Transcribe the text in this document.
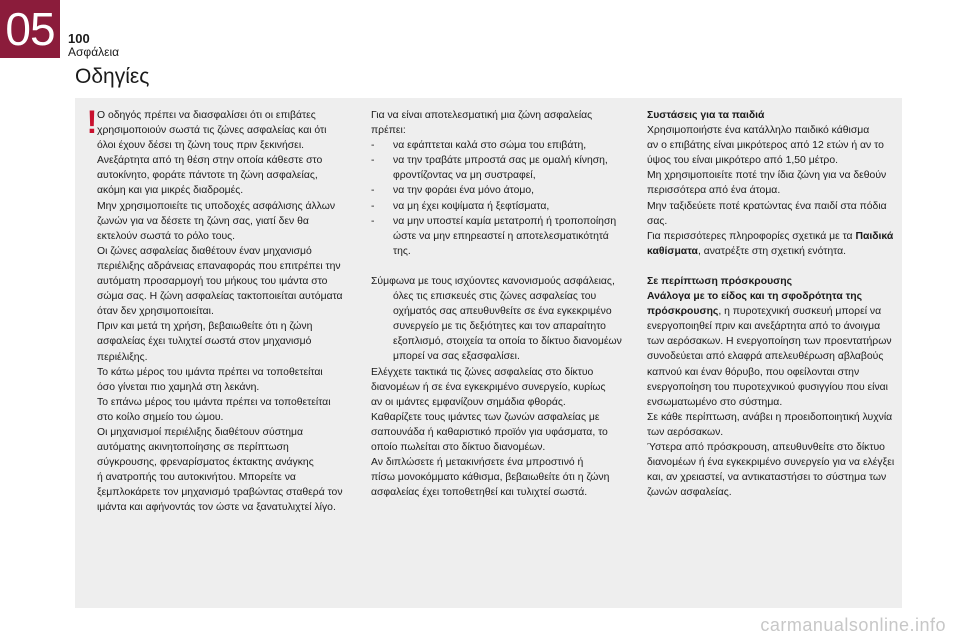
05	100
Ασφάλεια
Οδηγίες
! Ο οδηγός πρέπει να διασφαλίσει ότι οι επιβάτες

χρησιμοποιούν σωστά τις ζώνες ασφαλείας και ότι

όλοι έχουν δέσει τη ζώνη τους πριν ξεκινήσει.

Ανεξάρτητα από τη θέση στην οποία κάθεστε στο

αυτοκίνητο, φοράτε πάντοτε τη ζώνη ασφαλείας,

ακόμη και για μικρές διαδρομές.

Μην χρησιμοποιείτε τις υποδοχές ασφάλισης άλλων

ζωνών για να δέσετε τη ζώνη σας, γιατί δεν θα

εκτελούν σωστά το ρόλο τους.

Οι ζώνες ασφαλείας διαθέτουν έναν μηχανισμό

περιέλιξης αδράνειας επαναφοράς που επιτρέπει την

αυτόματη προσαρμογή του μήκους του ιμάντα στο

σώμα σας. Η ζώνη ασφαλείας τακτοποιείται αυτόματα

όταν δεν χρησιμοποιείται.

Πριν και μετά τη χρήση, βεβαιωθείτε ότι η ζώνη

ασφαλείας έχει τυλιχτεί σωστά στον μηχανισμό

περιέλιξης.

Το κάτω μέρος του ιμάντα πρέπει να τοποθετείται

όσο γίνεται πιο χαμηλά στη λεκάνη.

Το επάνω μέρος του ιμάντα πρέπει να τοποθετείται

στο κοίλο σημείο του ώμου.

Οι μηχανισμοί περιέλιξης διαθέτουν σύστημα

αυτόματης ακινητοποίησης σε περίπτωση

σύγκρουσης, φρεναρίσματος έκτακτης ανάγκης

ή ανατροπής του αυτοκινήτου. Μπορείτε να

ξεμπλοκάρετε τον μηχανισμό τραβώντας σταθερά τον

ιμάντα και αφήνοντάς τον ώστε να ξανατυλιχτεί λίγο.

Για να είναι αποτελεσματική μια ζώνη ασφαλείας

πρέπει:

- να εφάπτεται καλά στο σώμα του επιβάτη,
- να την τραβάτε μπροστά σας με ομαλή κίνηση,
φροντίζοντας να μη συστραφεί,
- να την φοράει ένα μόνο άτομο,
- να μη έχει κοψίματα ή ξεφτίσματα,
- να μην υποστεί καμία μετατροπή ή τροποποίηση
ώστε να μην επηρεαστεί η αποτελεσματικότητά
της.

Σύμφωνα με τους ισχύοντες κανονισμούς ασφάλειας,

όλες τις επισκευές στις ζώνες ασφαλείας του

οχήματός σας απευθυνθείτε σε ένα εγκεκριμένο

συνεργείο με τις δεξιότητες και τον απαραίτητο

εξοπλισμό, στοιχεία τα οποία το δίκτυο διανομέων

μπορεί να σας εξασφαλίσει.

Ελέγχετε τακτικά τις ζώνες ασφαλείας στο δίκτυο

διανομέων ή σε ένα εγκεκριμένο συνεργείο, κυρίως

αν οι ιμάντες εμφανίζουν σημάδια φθοράς.

Καθαρίζετε τους ιμάντες των ζωνών ασφαλείας με

σαπουνάδα ή καθαριστικό προϊόν για υφάσματα, το

οποίο πωλείται στο δίκτυο διανομέων.

Αν διπλώσετε ή μετακινήσετε ένα μπροστινό ή

πίσω μονοκόμματο κάθισμα, βεβαιωθείτε ότι η ζώνη

ασφαλείας έχει τοποθετηθεί και τυλιχτεί σωστά.

Συστάσεις για τα παιδιά

Χρησιμοποιήστε ένα κατάλληλο παιδικό κάθισμα

αν ο επιβάτης είναι μικρότερος από 12 ετών ή αν το

ύψος του είναι μικρότερο από 1,50 μέτρο.

Μη χρησιμοποιείτε ποτέ την ίδια ζώνη για να δεθούν

περισσότερα από ένα άτομα.

Μην ταξιδεύετε ποτέ κρατώντας ένα παιδί στα πόδια

σας.

Για περισσότερες πληροφορίες σχετικά με τα Παιδικά

καθίσματα, ανατρέξτε στη σχετική ενότητα.

Σε περίπτωση πρόσκρουσης

Ανάλογα με το είδος και τη σφοδρότητα της

πρόσκρουσης, η πυροτεχνική συσκευή μπορεί να

ενεργοποιηθεί πριν και ανεξάρτητα από το άνοιγμα

των αερόσακων. Η ενεργοποίηση των προεντατήρων

συνοδεύεται από ελαφρά απελευθέρωση αβλαβούς

καπνού και έναν θόρυβο, που οφείλονται στην

ενεργοποίηση του πυροτεχνικού φυσιγγίου που είναι

ενσωματωμένο στο σύστημα.

Σε κάθε περίπτωση, ανάβει η προειδοποιητική λυχνία

των αερόσακων.

Ύστερα από πρόσκρουση, απευθυνθείτε στο δίκτυο

διανομέων ή ένα εγκεκριμένο συνεργείο για να ελέγξει

και, αν χρειαστεί, να αντικαταστήσει το σύστημα των

ζωνών ασφαλείας.

carmanualsonline.info
